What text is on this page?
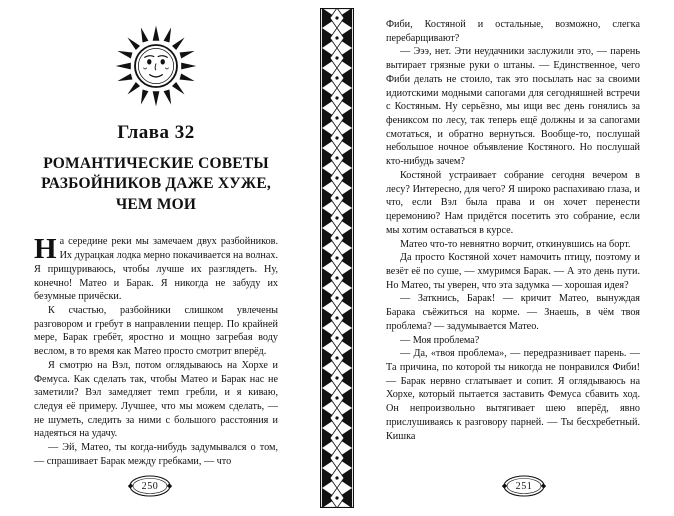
Глава 32
РОМАНТИЧЕСКИЕ СОВЕТЫ РАЗБОЙНИКОВ ДАЖЕ ХУЖЕ, ЧЕМ МОИ

На середине реки мы замечаем двух разбойников. Их дурацкая лодка мерно покачивается на волнах. Я прищуриваюсь, чтобы лучше их разглядеть. Ну, конечно! Матео и Барак. Я никогда не забуду их безумные причёски.

К счастью, разбойники слишком увлечены разговором и гребут в направлении пещер. По крайней мере, Барак гребёт, яростно и мощно загребая воду веслом, в то время как Матео просто смотрит вперёд.

Я смотрю на Вэл, потом оглядываюсь на Хорхе и Фемуса. Как сделать так, чтобы Матео и Барак нас не заметили? Вэл замедляет темп гребли, и я киваю, следуя её примеру. Лучшее, что мы можем сделать, — не шуметь, следить за ними с большого расстояния и надеяться на удачу.

— Эй, Матео, ты когда-нибудь задумывался о том, — спрашивает Барак между гребками, — что

250

Фиби, Костяной и остальные, возможно, слегка перебарщивают?

— Эээ, нет. Эти неудачники заслужили это, — парень вытирает грязные руки о штаны. — Единственное, чего Фиби делать не стоило, так это посылать нас за своими идиотскими модными сапогами для сегодняшней встречи с Костяным. Ну серьёзно, мы ищи вес день гонялись за фениксом по лесу, так теперь ещё должны и за сапогами смотаться, и обратно вернуться. Вообще-то, послушай небольшое ночное объявление Костяного. Но послушай кто-нибудь зачем?

Костяной устраивает собрание сегодня вечером в лесу? Интересно, для чего? Я широко распахиваю глаза, и что, если Вэл была права и он хочет перенести церемонию? Нам придётся посетить это собрание, если мы хотим оставаться в курсе.

Матео что-то невнятно ворчит, откинувшись на борт.

Да просто Костяной хочет намочить птицу, поэтому и везёт её по суше, — хмуримся Барак. — А это день пути. Но Матео, ты уверен, что эта задумка — хорошая идея?

— Заткнись, Барак! — кричит Матео, вынуждая Барака съёжиться на корме. — Знаешь, в чём твоя проблема? — задумывается Матео.

— Моя проблема?

— Да, «твоя проблема», — передразнивает парень. — Та причина, по которой ты никогда не понравился Фиби! — Барак нервно сглатывает и сопит. Я оглядываюсь на Хорхе, который пытается заставить Фемуса сбавить ход. Он непроизвольно вытягивает шею вперёд, явно прислушиваясь к разговору парней. — Ты бесхребетный. Кишка

251
